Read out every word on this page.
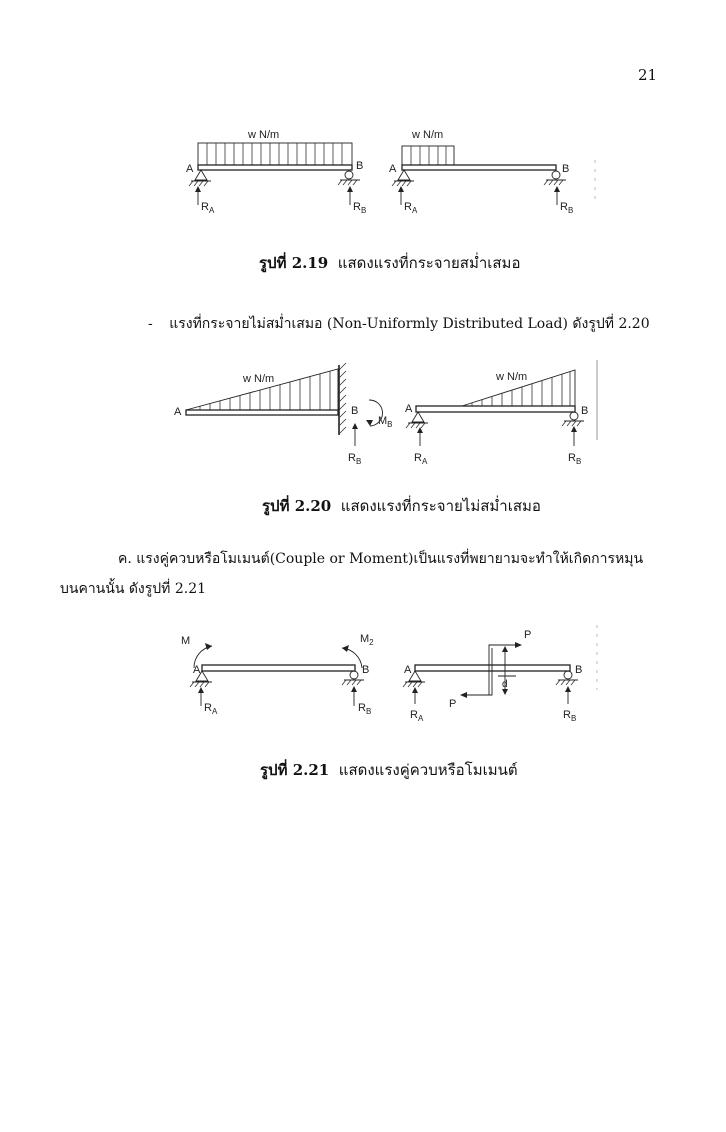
21
w N/m
A	B
$R_A$	$R_B$
w N/m
A	B
$R_A$	$R_B$
รูปที่ 2.19 แสดงแรงที่กระจายสม่ำเสมอ
- แรงที่กระจายไม่สม่ำเสมอ (Non-Uniformly Distributed Load) ดังรูปที่ 2.20
w N/m
A	B
$M_B$
$R_B$
w N/m
A	B
$R_A$	$R_B$
รูปที่ 2.20 แสดงแรงที่กระจายไม่สม่ำเสมอ
ค. แรงคู่ควบหรือโมเมนต์(Couple or Moment)เป็นแรงที่พยายามจะทำให้เกิดการหมุน
บนคานนั้น ดังรูปที่ 2.21
M	$M_2$
A	B
$R_A$	$R_B$
A	B
P
P
d
$R_A$	$R_B$
รูปที่ 2.21 แสดงแรงคู่ควบหรือโมเมนต์
